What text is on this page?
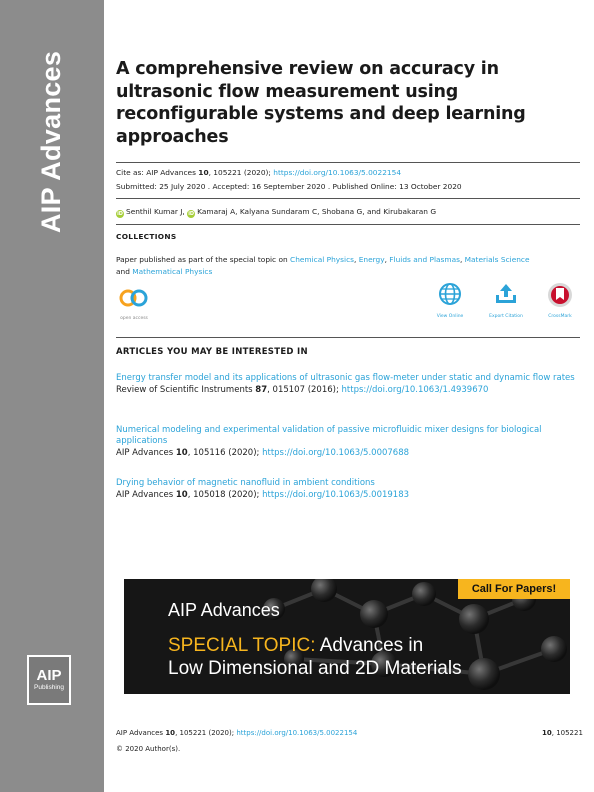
AIP Advances
AIP
Publishing
A comprehensive review on accuracy in ultrasonic flow measurement using reconfigurable systems and deep learning approaches
Cite as: AIP Advances 10, 105221 (2020); https://doi.org/10.1063/5.0022154
Submitted: 25 July 2020 . Accepted: 16 September 2020 . Published Online: 13 October 2020
iD Senthil Kumar J, iD Kamaraj A, Kalyana Sundaram C, Shobana G, and Kirubakaran G
COLLECTIONS
Paper published as part of the special topic on Chemical Physics, Energy, Fluids and Plasmas, Materials Science
and Mathematical Physics
open access	View Online	Export Citation	CrossMark
ARTICLES YOU MAY BE INTERESTED IN
Energy transfer model and its applications of ultrasonic gas flow-meter under static and dynamic flow rates
Review of Scientific Instruments 87, 015107 (2016); https://doi.org/10.1063/1.4939670
Numerical modeling and experimental validation of passive microfluidic mixer designs for biological applications
AIP Advances 10, 105116 (2020); https://doi.org/10.1063/5.0007688
Drying behavior of magnetic nanofluid in ambient conditions
AIP Advances 10, 105018 (2020); https://doi.org/10.1063/5.0019183
Call For Papers!
AIP Advances
SPECIAL TOPIC: Advances in
Low Dimensional and 2D Materials
AIP Advances 10, 105221 (2020); https://doi.org/10.1063/5.0022154	10, 105221
© 2020 Author(s).
